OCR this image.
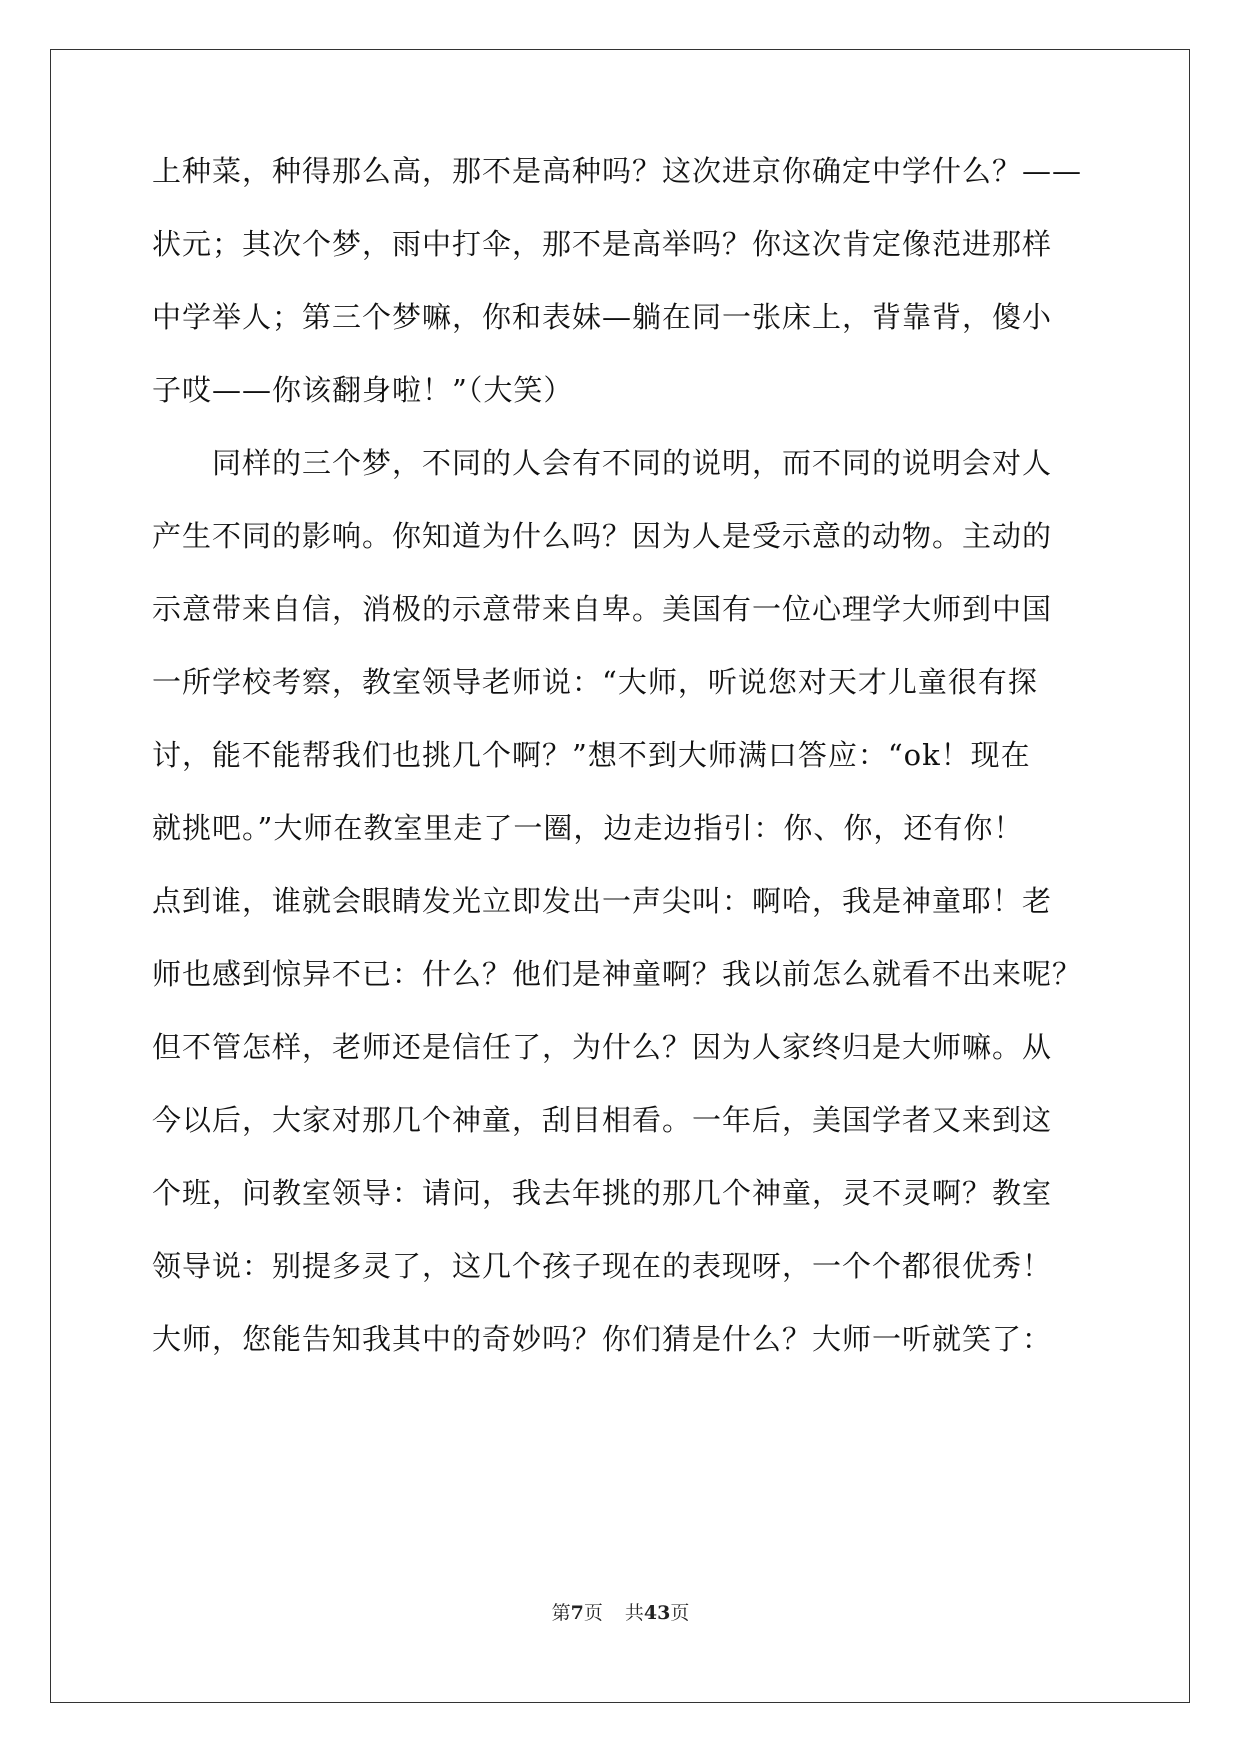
上种菜，种得那么高，那不是高种吗？这次进京你确定中学什么？——
状元；其次个梦，雨中打伞，那不是高举吗？你这次肯定像范进那样
中学举人；第三个梦嘛，你和表妹—躺在同一张床上，背靠背，傻小
子哎——你该翻身啦！”（大笑）
　　同样的三个梦，不同的人会有不同的说明，而不同的说明会对人
产生不同的影响。你知道为什么吗？因为人是受示意的动物。主动的
示意带来自信，消极的示意带来自卑。美国有一位心理学大师到中国
一所学校考察，教室领导老师说：“大师，听说您对天才儿童很有探
讨，能不能帮我们也挑几个啊？”想不到大师满口答应：“ok！现在
就挑吧。”大师在教室里走了一圈，边走边指引：你、你，还有你！
点到谁，谁就会眼睛发光立即发出一声尖叫：啊哈，我是神童耶！老
师也感到惊异不已：什么？他们是神童啊？我以前怎么就看不出来呢？
但不管怎样，老师还是信任了，为什么？因为人家终归是大师嘛。从
今以后，大家对那几个神童，刮目相看。一年后，美国学者又来到这
个班，问教室领导：请问，我去年挑的那几个神童，灵不灵啊？教室
领导说：别提多灵了，这几个孩子现在的表现呀，一个个都很优秀！
大师，您能告知我其中的奇妙吗？你们猜是什么？大师一听就笑了：
第7页 共43页
